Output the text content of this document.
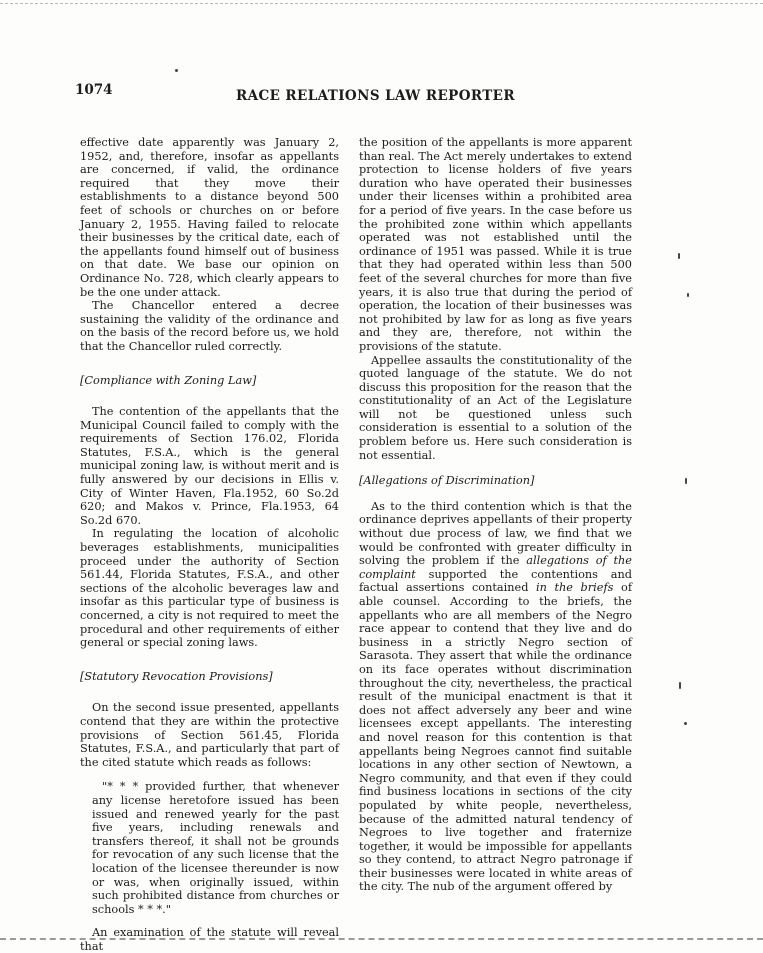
1074	RACE RELATIONS LAW REPORTER

effective date apparently was January 2, 1952, and, therefore, insofar as appellants are concerned, if valid, the ordinance required that they move their establishments to a distance beyond 500 feet of schools or churches on or before January 2, 1955. Having failed to relocate their businesses by the critical date, each of the appellants found himself out of business on that date. We base our opinion on Ordinance No. 728, which clearly appears to be the one under attack.

The Chancellor entered a decree sustaining the validity of the ordinance and on the basis of the record before us, we hold that the Chancellor ruled correctly.

[Compliance with Zoning Law]

The contention of the appellants that the Municipal Council failed to comply with the requirements of Section 176.02, Florida Statutes, F.S.A., which is the general municipal zoning law, is without merit and is fully answered by our decisions in Ellis v. City of Winter Haven, Fla.1952, 60 So.2d 620; and Makos v. Prince, Fla.1953, 64 So.2d 670.

In regulating the location of alcoholic beverages establishments, municipalities proceed under the authority of Section 561.44, Florida Statutes, F.S.A., and other sections of the alcoholic beverages law and insofar as this particular type of business is concerned, a city is not required to meet the procedural and other requirements of either general or special zoning laws.

[Statutory Revocation Provisions]

On the second issue presented, appellants contend that they are within the protective provisions of Section 561.45, Florida Statutes, F.S.A., and particularly that part of the cited statute which reads as follows:

"* * * provided further, that whenever any license heretofore issued has been issued and renewed yearly for the past five years, including renewals and transfers thereof, it shall not be grounds for revocation of any such license that the location of the licensee thereunder is now or was, when originally issued, within such prohibited distance from churches or schools * * *."

An examination of the statute will reveal that

the position of the appellants is more apparent than real. The Act merely undertakes to extend protection to license holders of five years duration who have operated their businesses under their licenses within a prohibited area for a period of five years. In the case before us the prohibited zone within which appellants operated was not established until the ordinance of 1951 was passed. While it is true that they had operated within less than 500 feet of the several churches for more than five years, it is also true that during the period of operation, the location of their businesses was not prohibited by law for as long as five years and they are, therefore, not within the provisions of the statute.

Appellee assaults the constitutionality of the quoted language of the statute. We do not discuss this proposition for the reason that the constitutionality of an Act of the Legislature will not be questioned unless such consideration is essential to a solution of the problem before us. Here such consideration is not essential.

[Allegations of Discrimination]

As to the third contention which is that the ordinance deprives appellants of their property without due process of law, we find that we would be confronted with greater difficulty in solving the problem if the allegations of the complaint supported the contentions and factual assertions contained in the briefs of able counsel. According to the briefs, the appellants who are all members of the Negro race appear to contend that they live and do business in a strictly Negro section of Sarasota. They assert that while the ordinance on its face operates without discrimination throughout the city, nevertheless, the practical result of the municipal enactment is that it does not affect adversely any beer and wine licensees except appellants. The interesting and novel reason for this contention is that appellants being Negroes cannot find suitable locations in any other section of Newtown, a Negro community, and that even if they could find business locations in sections of the city populated by white people, nevertheless, because of the admitted natural tendency of Negroes to live together and fraternize together, it would be impossible for appellants so they contend, to attract Negro patronage if their businesses were located in white areas of the city. The nub of the argument offered by
